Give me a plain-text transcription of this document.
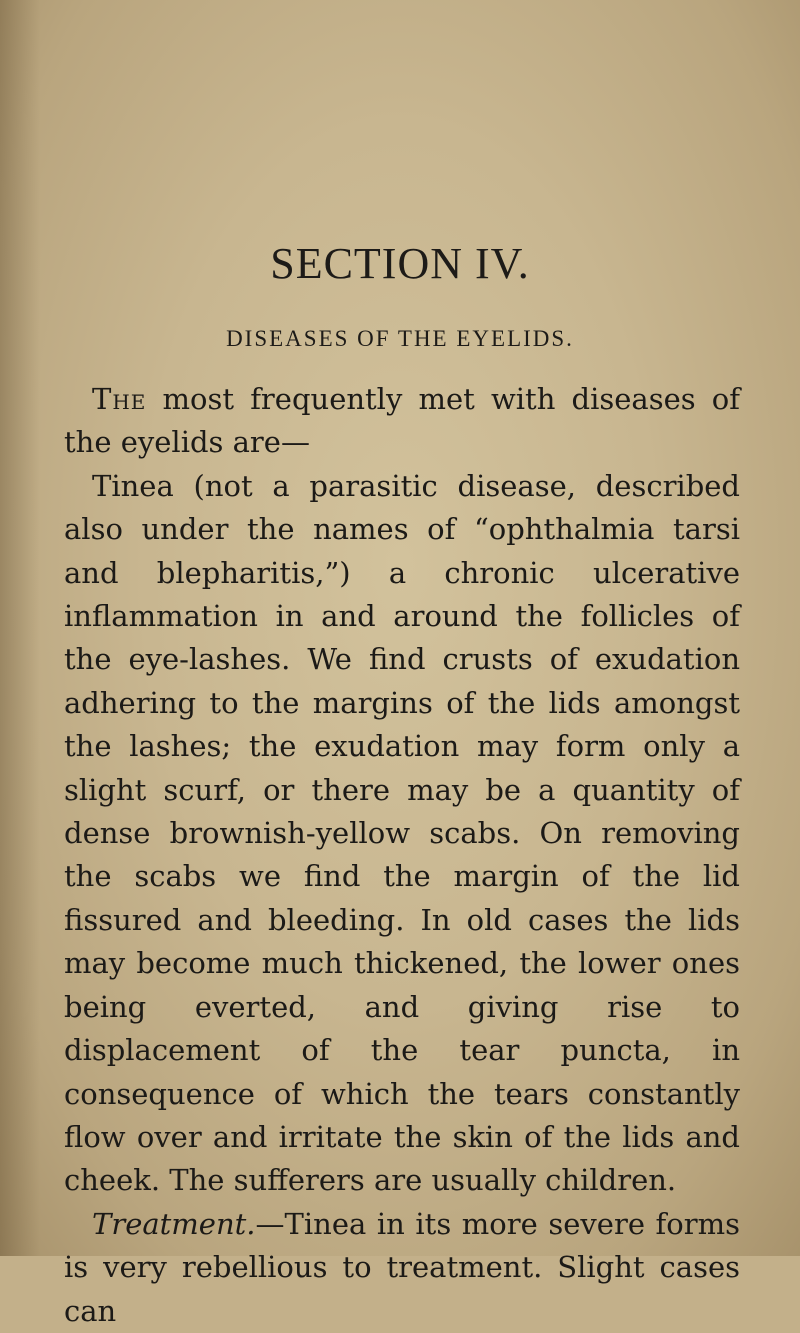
SECTION IV.
DISEASES OF THE EYELIDS.

The most frequently met with diseases of the eyelids are—

Tinea (not a parasitic disease, described also under the names of “ophthalmia tarsi and blepharitis,”) a chronic ulcerative inflammation in and around the follicles of the eye-lashes. We find crusts of exudation adhering to the margins of the lids amongst the lashes; the exudation may form only a slight scurf, or there may be a quantity of dense brownish-yellow scabs. On removing the scabs we find the margin of the lid fissured and bleeding. In old cases the lids may become much thickened, the lower ones being everted, and giving rise to displacement of the tear puncta, in consequence of which the tears constantly flow over and irritate the skin of the lids and cheek. The sufferers are usually children.

Treatment.—Tinea in its more severe forms is very rebellious to treatment. Slight cases can
